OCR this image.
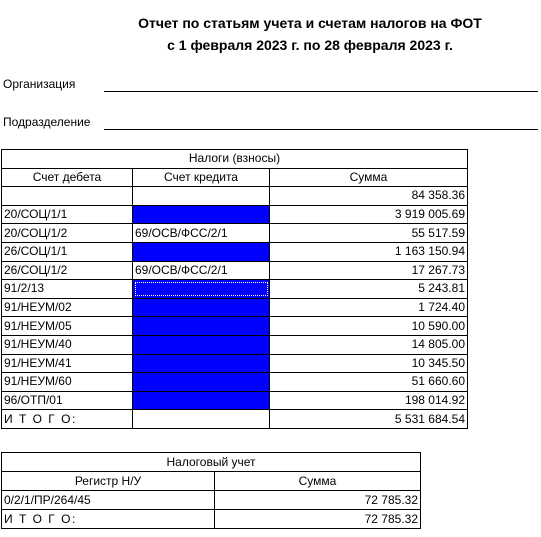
Отчет по статьям учета и счетам налогов на ФОТ
с 1 февраля 2023 г. по 28 февраля 2023 г.
Организация
Подразделение
Налоги (взносы)		
Счет дебета	Счет кредита	Сумма
		84 358.36
20/СОЦ/1/1		3 919 005.69
20/СОЦ/1/2	69/ОСВ/ФСС/2/1	55 517.59
26/СОЦ/1/1		1 163 150.94
26/СОЦ/1/2	69/ОСВ/ФСС/2/1	17 267.73
91/2/13		5 243.81
91/НЕУМ/02		1 724.40
91/НЕУМ/05		10 590.00
91/НЕУМ/40		14 805.00
91/НЕУМ/41		10 345.50
91/НЕУМ/60		51 660.60
96/ОТП/01		198 014.92
И Т О Г О:		5 531 684.54
Налоговый учет	
Регистр Н/У	Сумма
0/2/1/ПР/264/45	72 785.32
И Т О Г О:	72 785.32
